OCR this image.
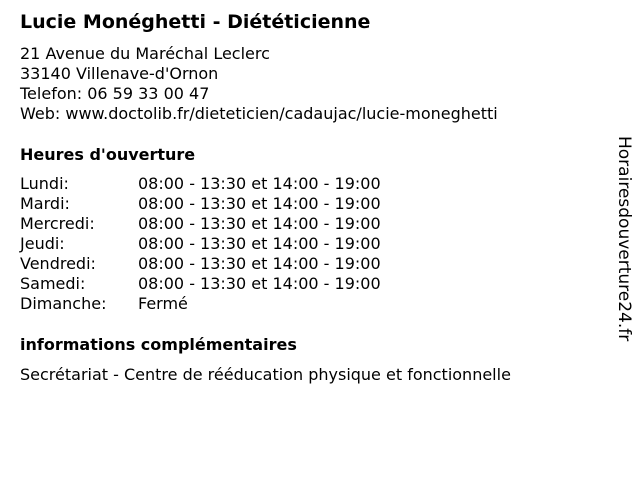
Lucie Monéghetti - Diététicienne
21 Avenue du Maréchal Leclerc
33140 Villenave-d'Ornon
Telefon: 06 59 33 00 47
Web: www.doctolib.fr/dieteticien/cadaujac/lucie-moneghetti
Heures d'ouverture
Lundi:	08:00 - 13:30 et 14:00 - 19:00
Mardi:	08:00 - 13:30 et 14:00 - 19:00
Mercredi:	08:00 - 13:30 et 14:00 - 19:00
Jeudi:	08:00 - 13:30 et 14:00 - 19:00
Vendredi:	08:00 - 13:30 et 14:00 - 19:00
Samedi:	08:00 - 13:30 et 14:00 - 19:00
Dimanche:	Fermé
informations complémentaires
Secrétariat - Centre de rééducation physique et fonctionnelle
Horairesdouverture24.fr
